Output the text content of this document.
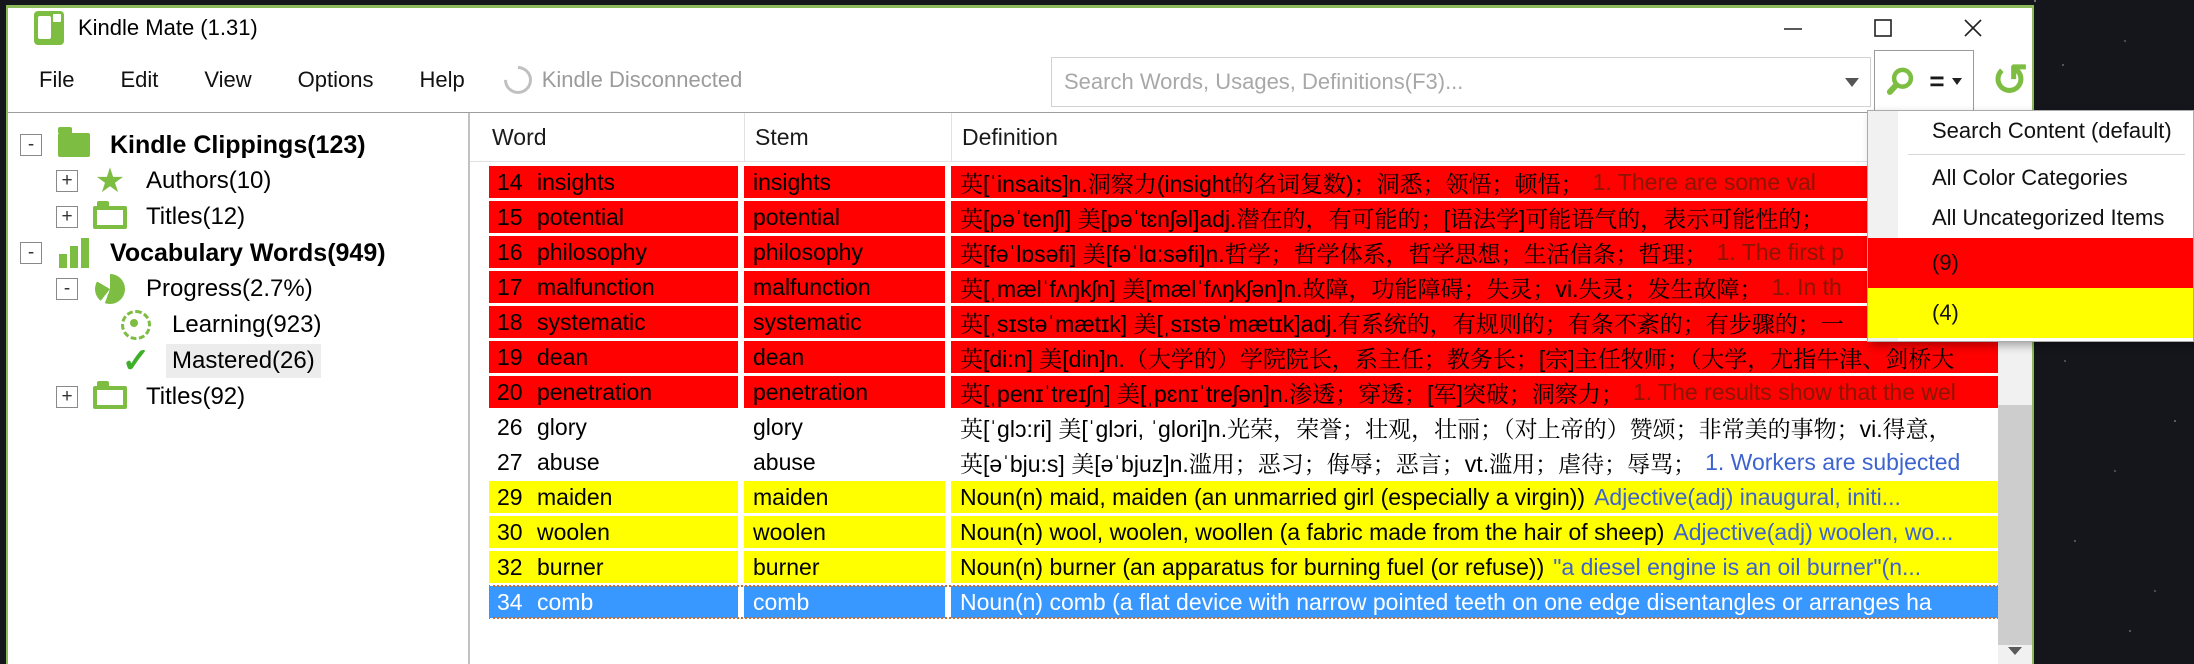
Kindle Mate (1.31)
File	Edit	View	Options	Help	Kindle Disconnected
Search Words, Usages, Definitions(F3)...	= ↺
-	Kindle Clippings(123)
+ ★ Authors(10)
+	Titles(12)
-	Vocabulary Words(949)
-	Progress(2.7%)
Learning(923)
✓ Mastered(26)
+	Titles(92)
Word	Stem	Definition
14 insights	insights	英[ˈinsaits]n.洞察力(insight的名词复数)；洞悉；领悟；顿悟； 1. There are some val
15 potential	potential	英[pəˈtenʃl] 美[pəˈtɛnʃəl]adj.潜在的，有可能的；[语法学]可能语气的，表示可能性的；
16 philosophy	philosophy	英[fəˈlɒsəfi] 美[fəˈlɑ:səfi]n.哲学；哲学体系，哲学思想；生活信条；哲理； 1. The first p
17 malfunction	malfunction	英[ˌmælˈfʌŋkʃn] 美[mælˈfʌŋkʃən]n.故障，功能障碍；失灵；vi.失灵；发生故障； 1. In th
18 systematic	systematic	英[ˌsɪstəˈmætɪk] 美[ˌsɪstəˈmætɪk]adj.有系统的，有规则的；有条不紊的；有步骤的；一
19 dean	dean	英[di:n] 美[din]n.（大学的）学院院长，系主任；教务长；[宗]主任牧师；（大学，尤指牛津、剑桥大
20 penetration	penetration	英[ˌpenɪˈtreɪʃn] 美[ˌpɛnɪˈtreʃən]n.渗透；穿透；[军]突破；洞察力； 1. The results show that the wel
26 glory	glory	英[ˈglɔ:ri] 美[ˈglɔri, ˈglori]n.光荣，荣誉；壮观，壮丽；（对上帝的）赞颂；非常美的事物；vi.得意，
27 abuse	abuse	英[əˈbju:s] 美[əˈbjuz]n.滥用；恶习；侮辱；恶言；vt.滥用；虐待；辱骂； 1. Workers are subjected
29 maiden	maiden	Noun(n) maid, maiden (an unmarried girl (especially a virgin)) Adjective(adj) inaugural, initi...
30 woolen	woolen	Noun(n) wool, woolen, woollen (a fabric made from the hair of sheep) Adjective(adj) woolen, wo...
32 burner	burner	Noun(n) burner (an apparatus for burning fuel (or refuse)) "a diesel engine is an oil burner"(n...
34 comb	comb	Noun(n) comb (a flat device with narrow pointed teeth on one edge disentangles or arranges ha
Search Content (default)
All Color Categories
All Uncategorized Items
(9)
(4)
